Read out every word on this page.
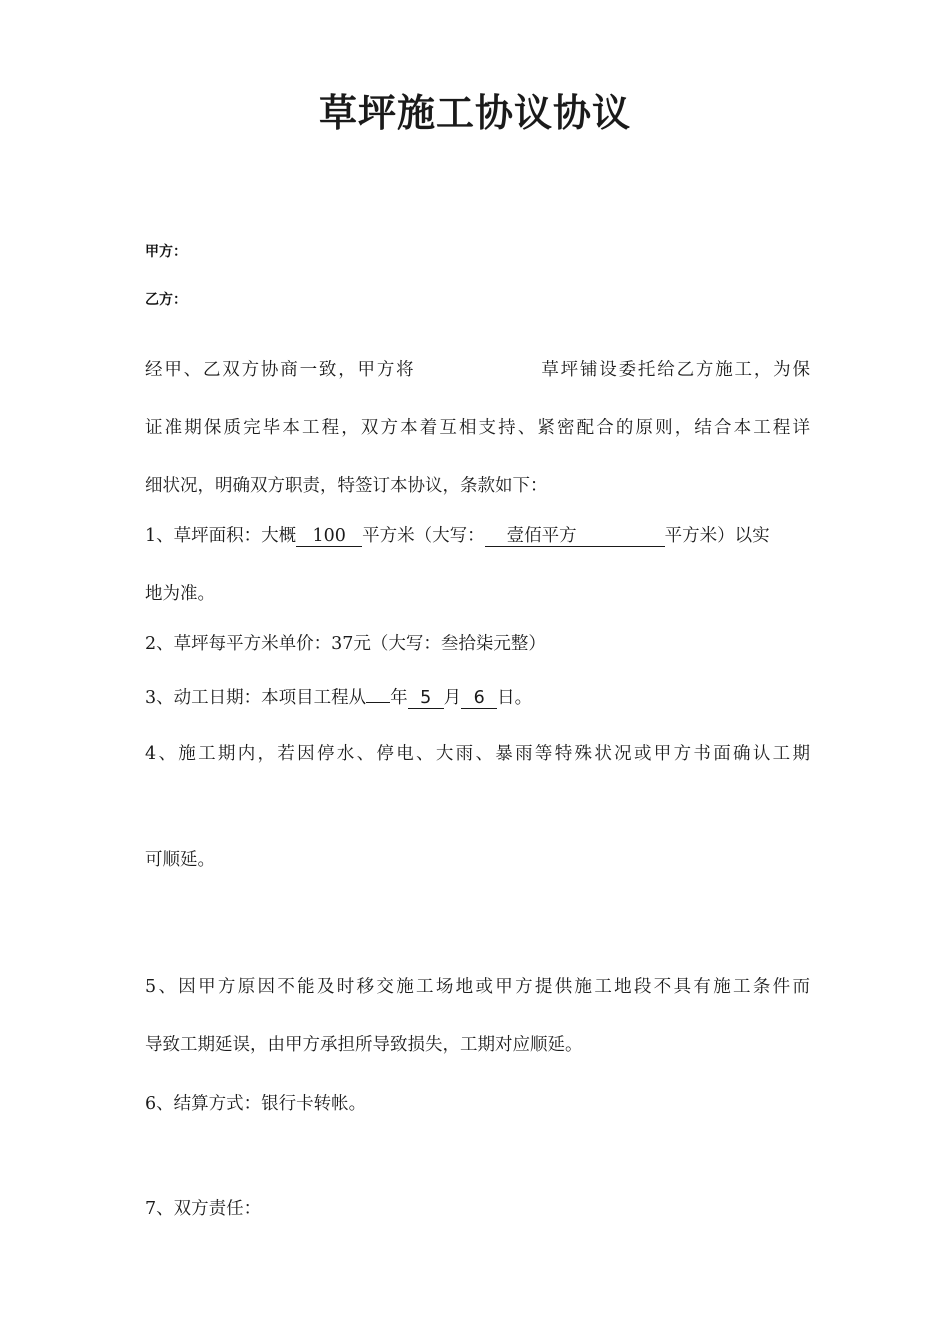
草坪施工协议协议
甲方：
乙方：
经甲、乙双方协商一致，甲方将	草坪铺设委托给乙方施工，为保
证准期保质完毕本工程，双方本着互相支持、紧密配合的原则，结合本工程详
细状况，明确双方职责，特签订本协议，条款如下：
1、草坪面积：大概 100 平方米（大写： 壹佰平方	平方米）以实
地为准。
2、草坪每平方米单价：37元（大写：叁拾柒元整）
3、动工日期：本项目工程从 年 5 月 6 日。
4、施工期内，若因停水、停电、大雨、暴雨等特殊状况或甲方书面确认工期
可顺延。
5、因甲方原因不能及时移交施工场地或甲方提供施工地段不具有施工条件而
导致工期延误，由甲方承担所导致损失，工期对应顺延。
6、结算方式：银行卡转帐。
7、双方责任：
